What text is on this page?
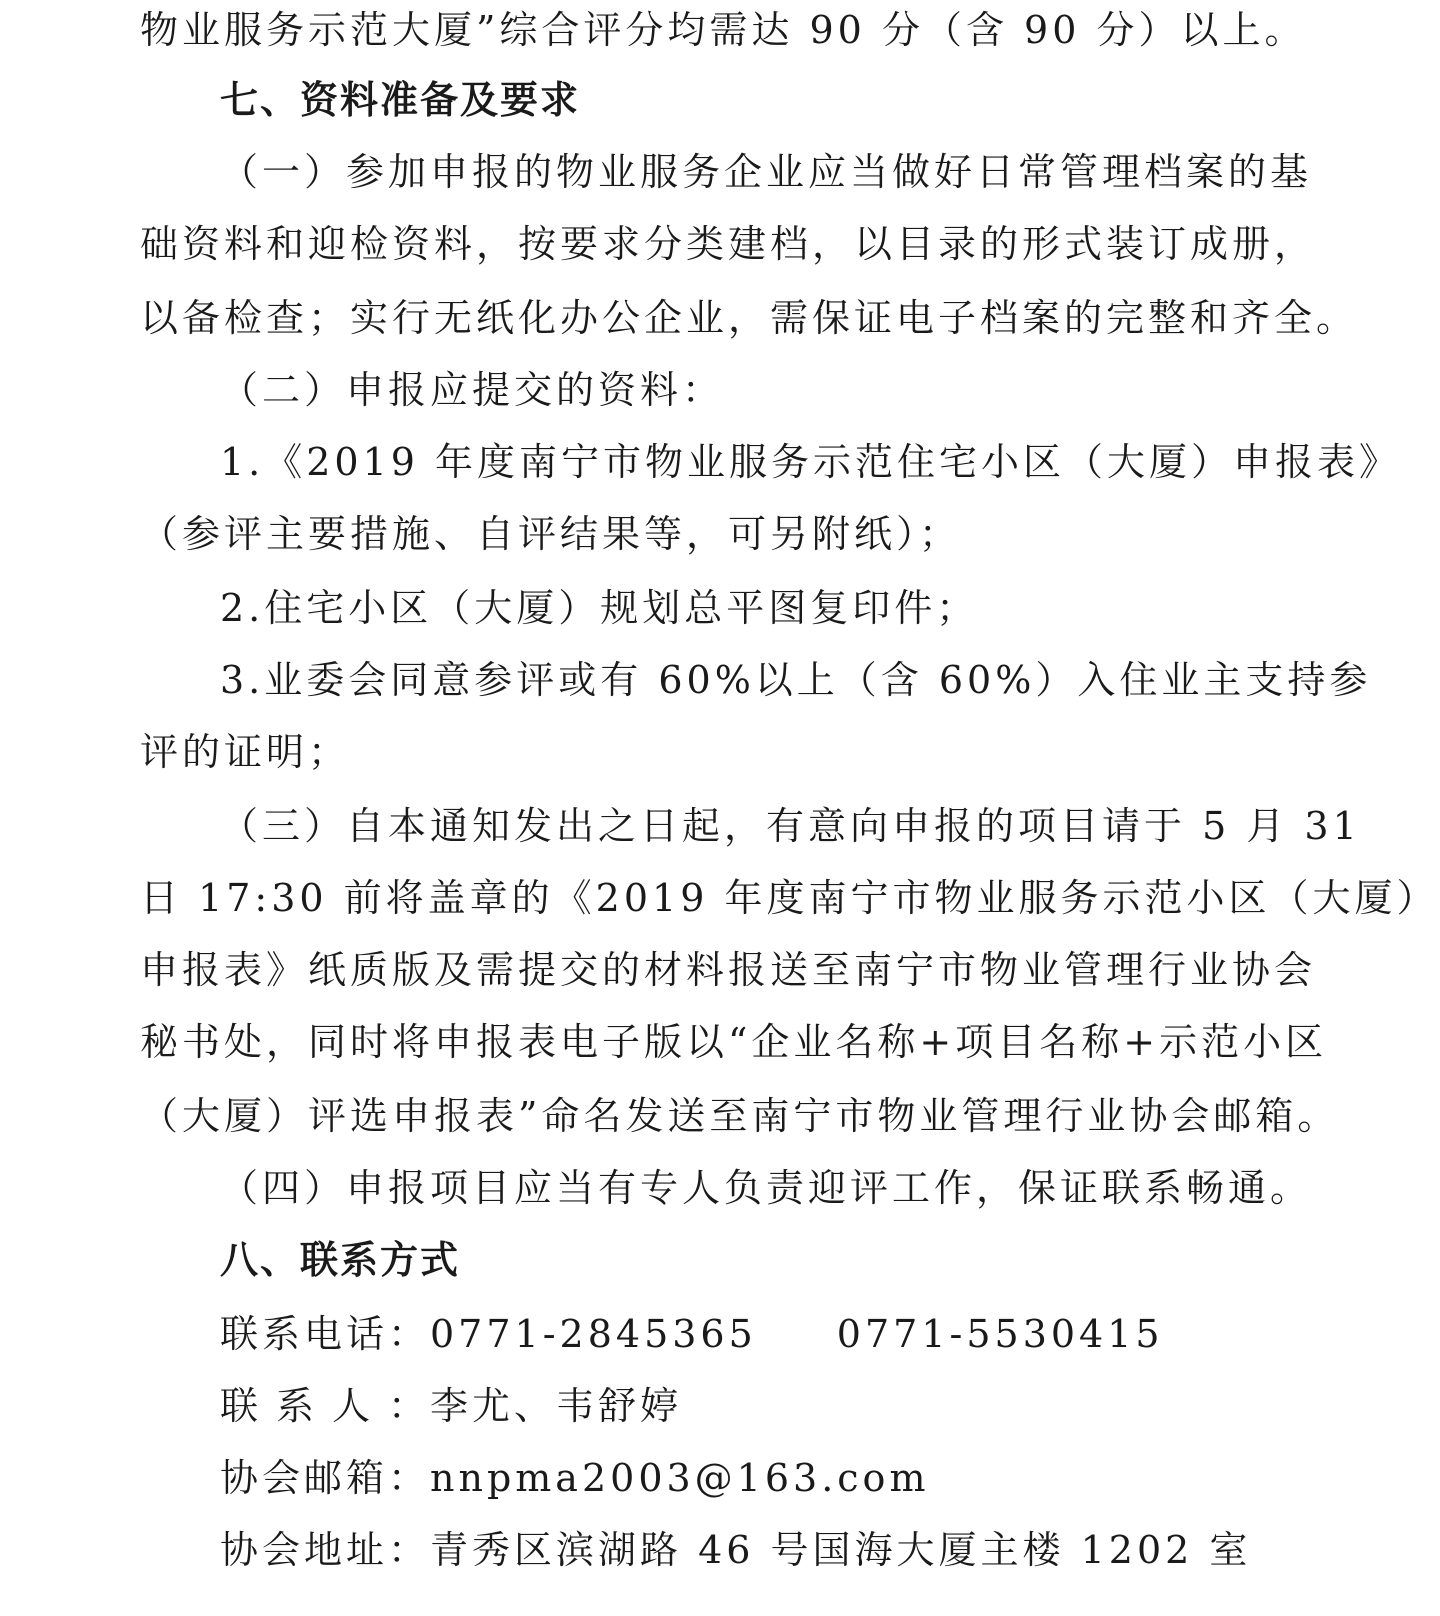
物业服务示范大厦”综合评分均需达 90 分（含 90 分）以上。
七、资料准备及要求
（一）参加申报的物业服务企业应当做好日常管理档案的基
础资料和迎检资料，按要求分类建档，以目录的形式装订成册，
以备检查；实行无纸化办公企业，需保证电子档案的完整和齐全。
（二）申报应提交的资料：
1.《2019 年度南宁市物业服务示范住宅小区（大厦）申报表》
（参评主要措施、自评结果等，可另附纸）；
2.住宅小区（大厦）规划总平图复印件；
3.业委会同意参评或有 60%以上（含 60%）入住业主支持参
评的证明；
（三）自本通知发出之日起，有意向申报的项目请于 5 月 31
日 17:30 前将盖章的《2019 年度南宁市物业服务示范小区（大厦）
申报表》纸质版及需提交的材料报送至南宁市物业管理行业协会
秘书处，同时将申报表电子版以“企业名称+项目名称+示范小区
（大厦）评选申报表”命名发送至南宁市物业管理行业协会邮箱。
（四）申报项目应当有专人负责迎评工作，保证联系畅通。
八、联系方式
联系电话：0771-2845365 0771-5530415
联系人：李尤、韦舒婷
协会邮箱：nnpma2003@163.com
协会地址：青秀区滨湖路 46 号国海大厦主楼 1202 室
